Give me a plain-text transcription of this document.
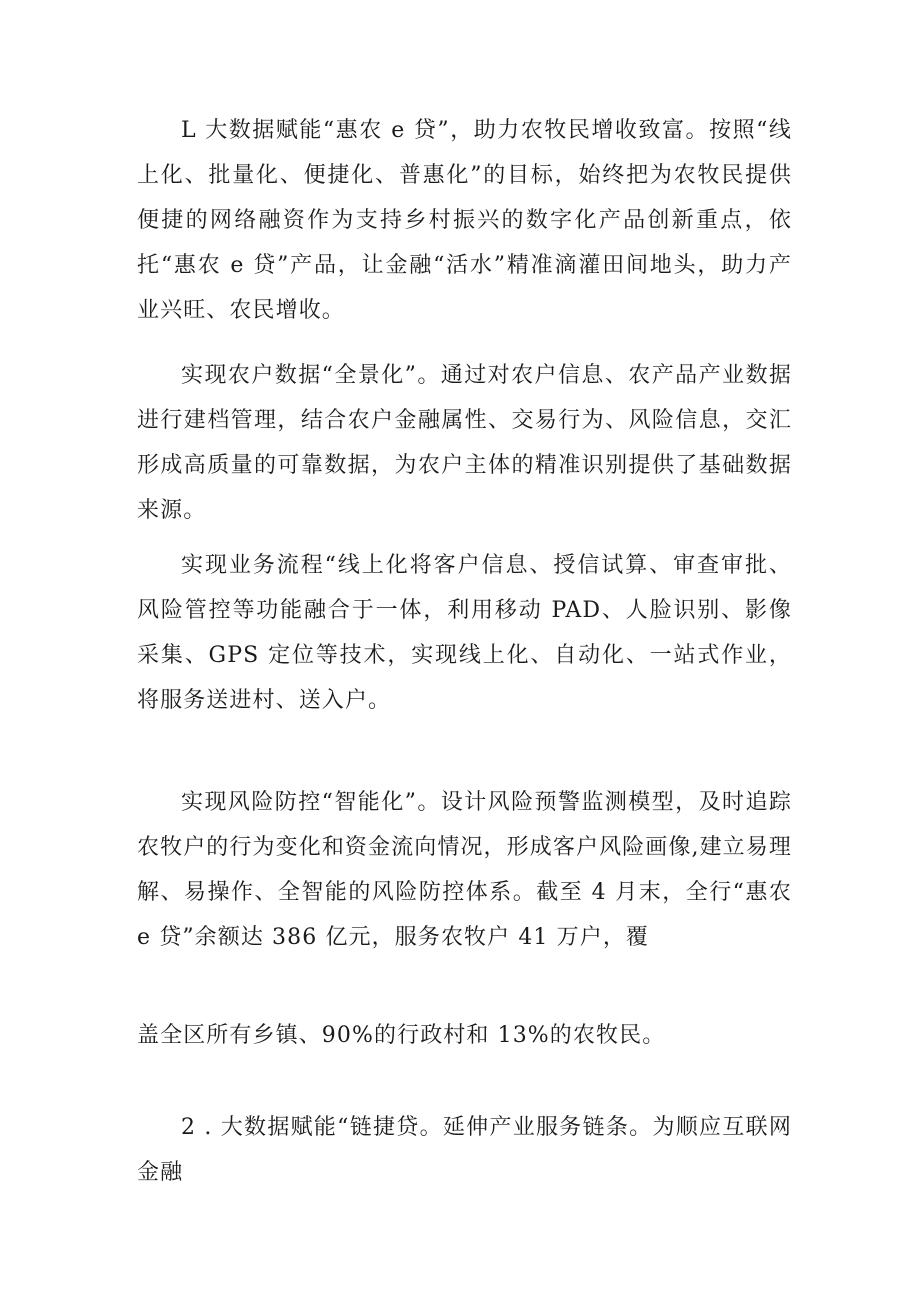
L 大数据赋能“惠农 e 贷”，助力农牧民增收致富。按照“线上化、批量化、便捷化、普惠化”的目标，始终把为农牧民提供便捷的网络融资作为支持乡村振兴的数字化产品创新重点，依托“惠农 e 贷”产品，让金融“活水”精准滴灌田间地头，助力产业兴旺、农民增收。

实现农户数据“全景化”。通过对农户信息、农产品产业数据进行建档管理，结合农户金融属性、交易行为、风险信息，交汇形成高质量的可靠数据，为农户主体的精准识别提供了基础数据来源。

实现业务流程“线上化将客户信息、授信试算、审查审批、风险管控等功能融合于一体，利用移动 PAD、人脸识别、影像采集、GPS 定位等技术，实现线上化、自动化、一站式作业，将服务送进村、送入户。

实现风险防控“智能化”。设计风险预警监测模型，及时追踪农牧户的行为变化和资金流向情况，形成客户风险画像,建立易理解、易操作、全智能的风险防控体系。截至 4 月末，全行“惠农 e 贷”余额达 386 亿元，服务农牧户 41 万户，覆

盖全区所有乡镇、90%的行政村和 13%的农牧民。

2 . 大数据赋能“链捷贷。延伸产业服务链条。为顺应互联网金融
